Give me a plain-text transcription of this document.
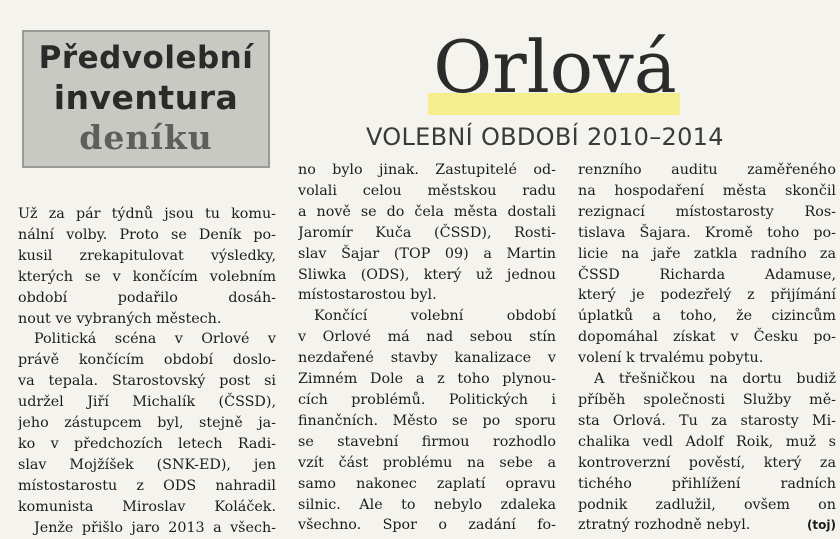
Předvolební
inventura
deníku
Orlová
VOLEBNÍ OBDOBÍ 2010–2014
Už za pár týdnů jsou tu komu-
nální volby. Proto se Deník po-
kusil zrekapitulovat výsledky,
kterých se v končícím volebním
období podařilo dosáh-
nout ve vybraných městech.
Politická scéna v Orlové v
právě končícím období doslo-
va tepala. Starostovský post si
udržel Jiří Michalík (ČSSD),
jeho zástupcem byl, stejně ja-
ko v předchozích letech Radi-
slav Mojžíšek (SNK-ED), jen
místostarostu z ODS nahradil
komunista Miroslav Koláček.
Jenže přišlo jaro 2013 a všech-
no bylo jinak. Zastupitelé od-
volali celou městskou radu
a nově se do čela města dostali
Jaromír Kuča (ČSSD), Rosti-
slav Šajar (TOP 09) a Martin
Sliwka (ODS), který už jednou
místostarostou byl.
Končící volební období
v Orlové má nad sebou stín
nezdařené stavby kanalizace v
Zimném Dole a z toho plynou-
cích problémů. Politických i
finančních. Město se po sporu
se stavební firmou rozhodlo
vzít část problému na sebe a
samo nakonec zaplatí opravu
silnic. Ale to nebylo zdaleka
všechno. Spor o zadání fo-
renzního auditu zaměřeného
na hospodaření města skončil
rezignací místostarosty Ros-
tislava Šajara. Kromě toho po-
licie na jaře zatkla radního za
ČSSD Richarda Adamuse,
který je podezřelý z přijímání
úplatků a toho, že cizincům
dopomáhal získat v Česku po-
volení k trvalému pobytu.
A třešničkou na dortu budiž
příběh společnosti Služby mě-
sta Orlová. Tu za starosty Mi-
chalika vedl Adolf Roik, muž s
kontroverzní pověstí, který za
tichého přihlížení radních
podnik zadlužil, ovšem on
ztratný rozhodně nebyl.	(toj)
